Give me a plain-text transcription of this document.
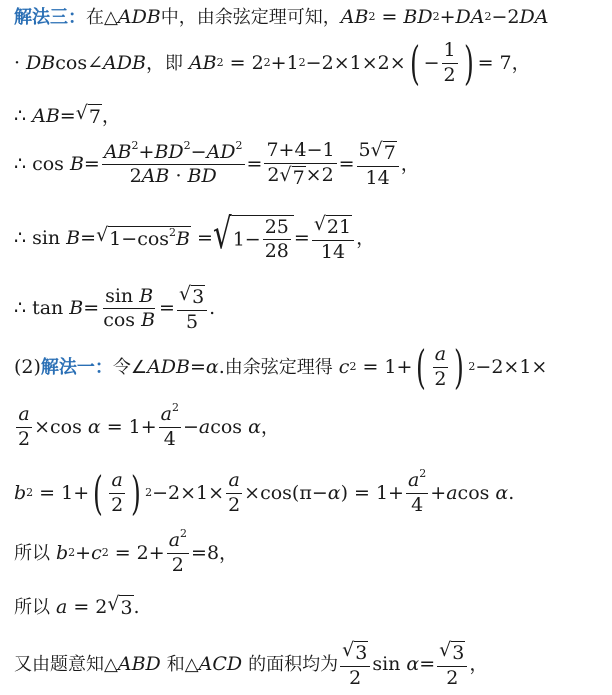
解法三： 在△ ADB 中，由余弦定理可知， AB 2 = BD 2 + DA 2 − 2 DA
· DB cos ∠ ADB ， 即 AB 2 = 2 2 + 1 2 − 2 × 1 × 2 × ( − $\frac{1}{2}$ ) = 7 ，
∴ AB = √ 7 ，
∴ $\cos B = \frac{AB^2+BD^2-AD^2}{2AB \cdot BD} = \frac{7+4-1}{2 √ 7 \times 2} = \frac{5 √ 7}{14}$ ，
∴ sin B = √ $1-\cos^2B$ = √ $1- \frac{25}{28} = \frac{√ 21}{14}$ ，
∴ $\tan B = \frac{\text{sin B}}{\text{cos B}} = \frac{√ 3}{5}$ .
(2) 解法一： 令∠ ADB = α . 由余弦定理得 c 2 = 1 + ( $\frac{a}{2}$ ) 2 − 2 × 1 ×
$\frac{a}{2} \times \cos \alpha = 1 + \frac{a^2}{4} - a$ cos α ，
b 2 = 1 + ( $\frac{a}{2}$ ) $2 - 2 \times 1 \times \frac{a}{2} \times \cos$ ( π − α ) = $1 + \frac{a^2}{4} + a$ cos α .
所以 b 2 + c $2 = 2 + \frac{a^2}{2} = 8$ ，
所以 a = 2 √ 3 .
又由题意知△ ABD 和△ ACD 的面积均为 $\frac{√ 3}{2}$ $\sin \alpha = \frac{√ 3}{2}$ ，
